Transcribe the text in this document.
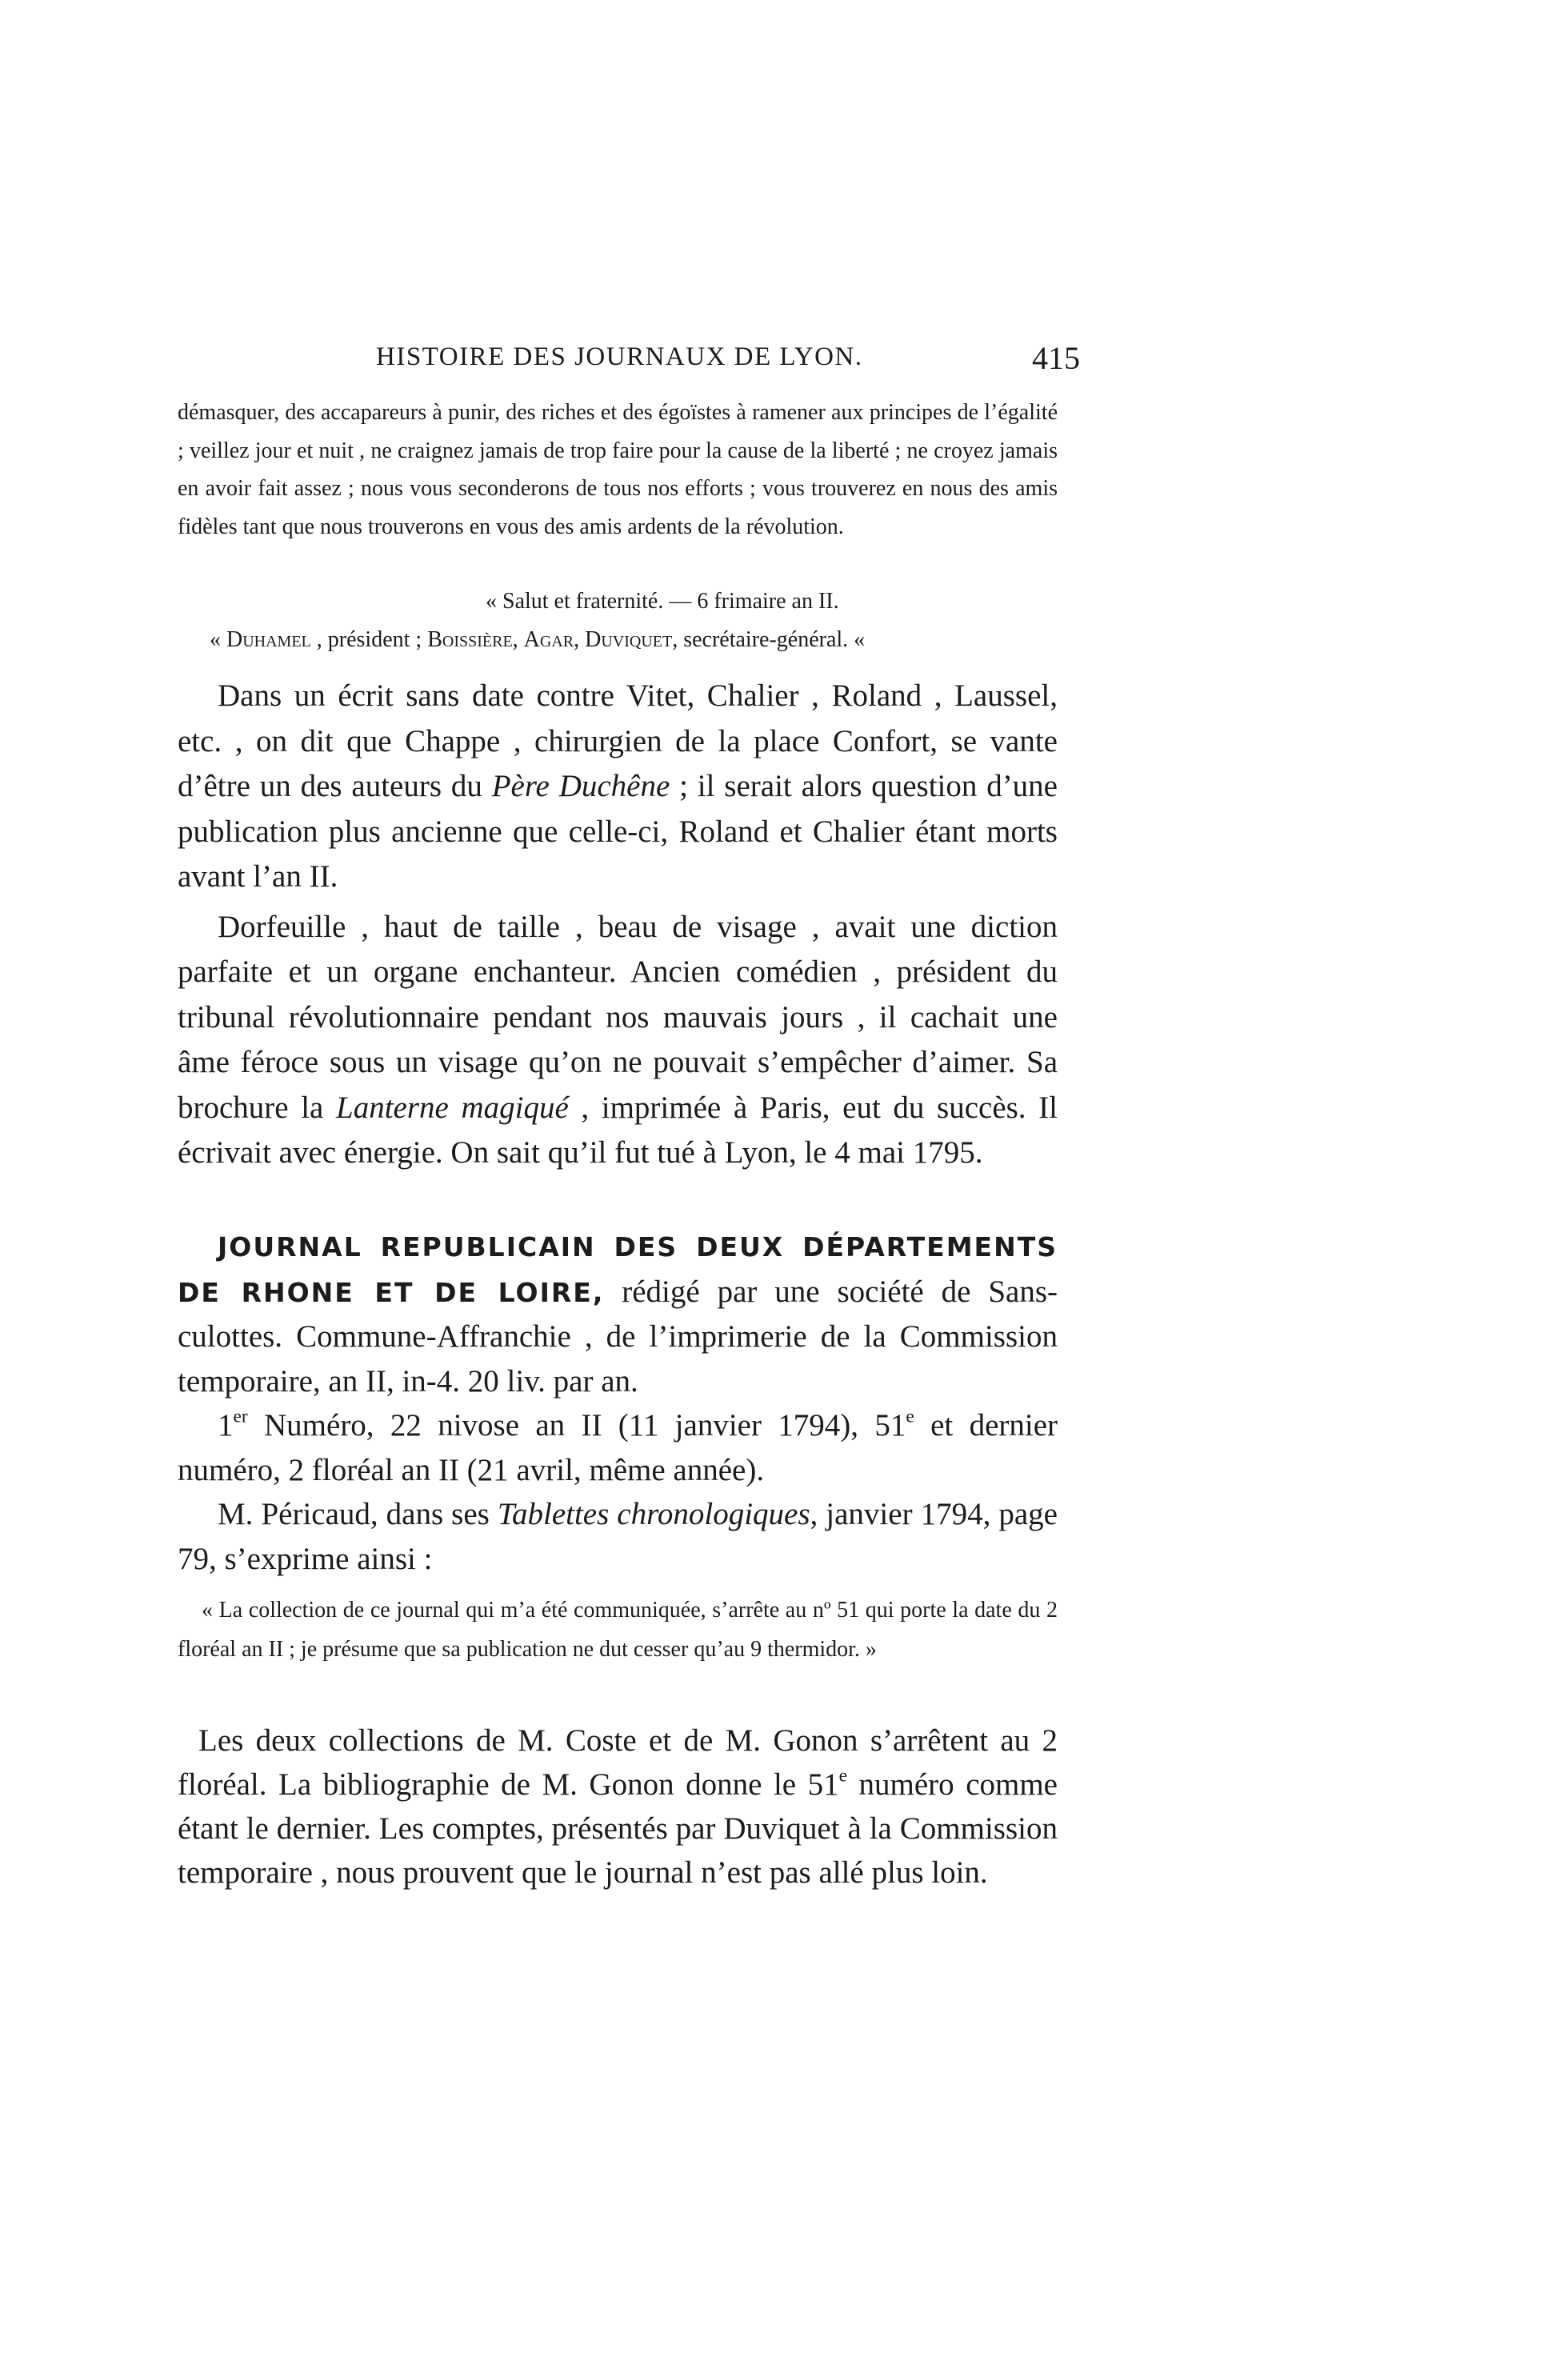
HISTOIRE DES JOURNAUX DE LYON.	415

démasquer, des accapareurs à punir, des riches et des égoïstes à ramener aux principes de l’égalité ; veillez jour et nuit , ne craignez jamais de trop faire pour la cause de la liberté ; ne croyez jamais en avoir fait assez ; nous vous seconderons de tous nos efforts ; vous trouverez en nous des amis fidèles tant que nous trouverons en vous des amis ardents de la révolution.

« Salut et fraternité. — 6 frimaire an II.

« Duhamel , président ; Boissière, Agar, Duviquet, secrétaire-général. «

Dans un écrit sans date contre Vitet, Chalier , Roland , Laussel, etc. , on dit que Chappe , chirurgien de la place Confort, se vante d’être un des auteurs du Père Duchêne ; il serait alors question d’une publication plus ancienne que celle-ci, Roland et Chalier étant morts avant l’an II.

Dorfeuille , haut de taille , beau de visage , avait une diction parfaite et un organe enchanteur. Ancien comédien , président du tribunal révolutionnaire pendant nos mauvais jours , il cachait une âme féroce sous un visage qu’on ne pouvait s’empêcher d’aimer. Sa brochure la Lanterne magiqué , imprimée à Paris, eut du succès. Il écrivait avec énergie. On sait qu’il fut tué à Lyon, le 4 mai 1795.

JOURNAL REPUBLICAIN DES DEUX DÉPARTEMENTS DE RHONE ET DE LOIRE, rédigé par une société de Sans-culottes. Commune-Affranchie , de l’imprimerie de la Commission temporaire, an II, in-4. 20 liv. par an.

1er Numéro, 22 nivose an II (11 janvier 1794), 51e et dernier numéro, 2 floréal an II (21 avril, même année).

M. Péricaud, dans ses Tablettes chronologiques, janvier 1794, page 79, s’exprime ainsi :

« La collection de ce journal qui m’a été communiquée, s’arrête au nº 51 qui porte la date du 2 floréal an II ; je présume que sa publication ne dut cesser qu’au 9 thermidor. »

Les deux collections de M. Coste et de M. Gonon s’arrêtent au 2 floréal. La bibliographie de M. Gonon donne le 51e numéro comme étant le dernier. Les comptes, présentés par Duviquet à la Commission temporaire , nous prouvent que le journal n’est pas allé plus loin.
